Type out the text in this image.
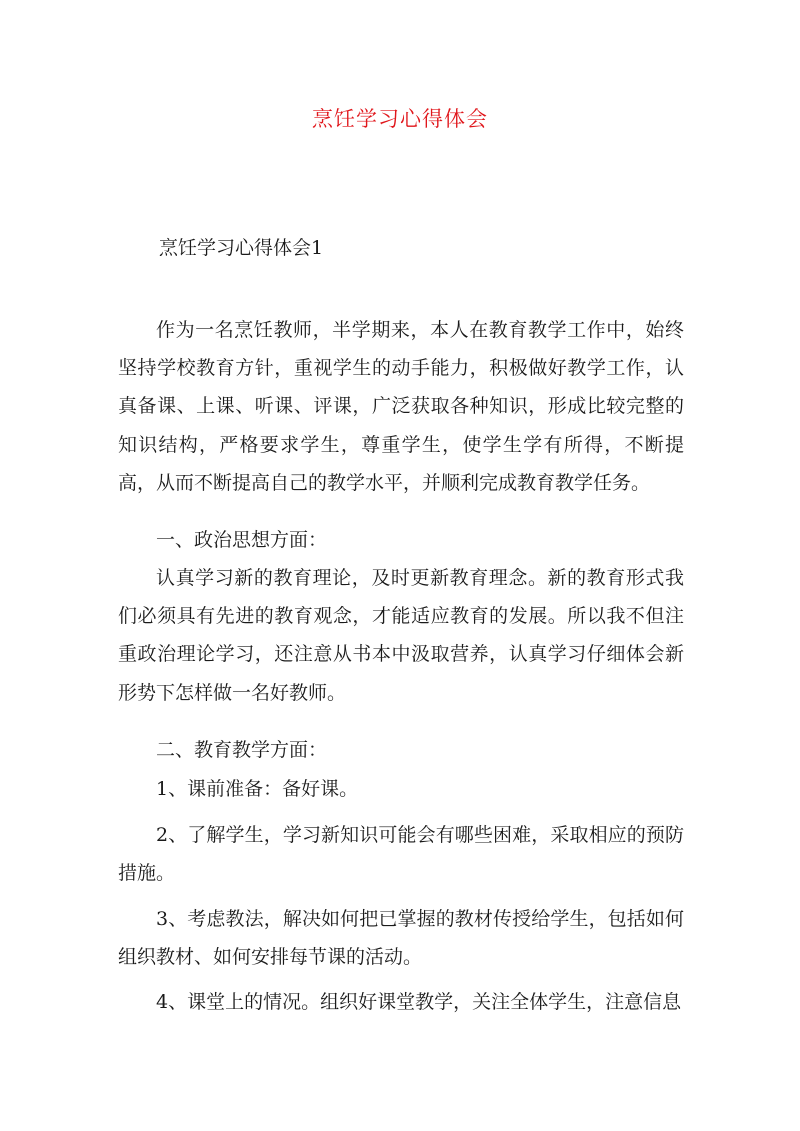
烹饪学习心得体会
烹饪学习心得体会1

作为一名烹饪教师，半学期来，本人在教育教学工作中，始终坚持学校教育方针，重视学生的动手能力，积极做好教学工作，认真备课、上课、听课、评课，广泛获取各种知识，形成比较完整的知识结构，严格要求学生，尊重学生，使学生学有所得，不断提高，从而不断提高自己的教学水平，并顺利完成教育教学任务。

一、政治思想方面：

认真学习新的教育理论，及时更新教育理念。新的教育形式我们必须具有先进的教育观念，才能适应教育的发展。所以我不但注重政治理论学习，还注意从书本中汲取营养，认真学习仔细体会新形势下怎样做一名好教师。

二、教育教学方面：

1、课前准备：备好课。

2、了解学生，学习新知识可能会有哪些困难，采取相应的预防措施。

3、考虑教法，解决如何把已掌握的教材传授给学生，包括如何组织教材、如何安排每节课的活动。

4、课堂上的情况。组织好课堂教学，关注全体学生，注意信息
